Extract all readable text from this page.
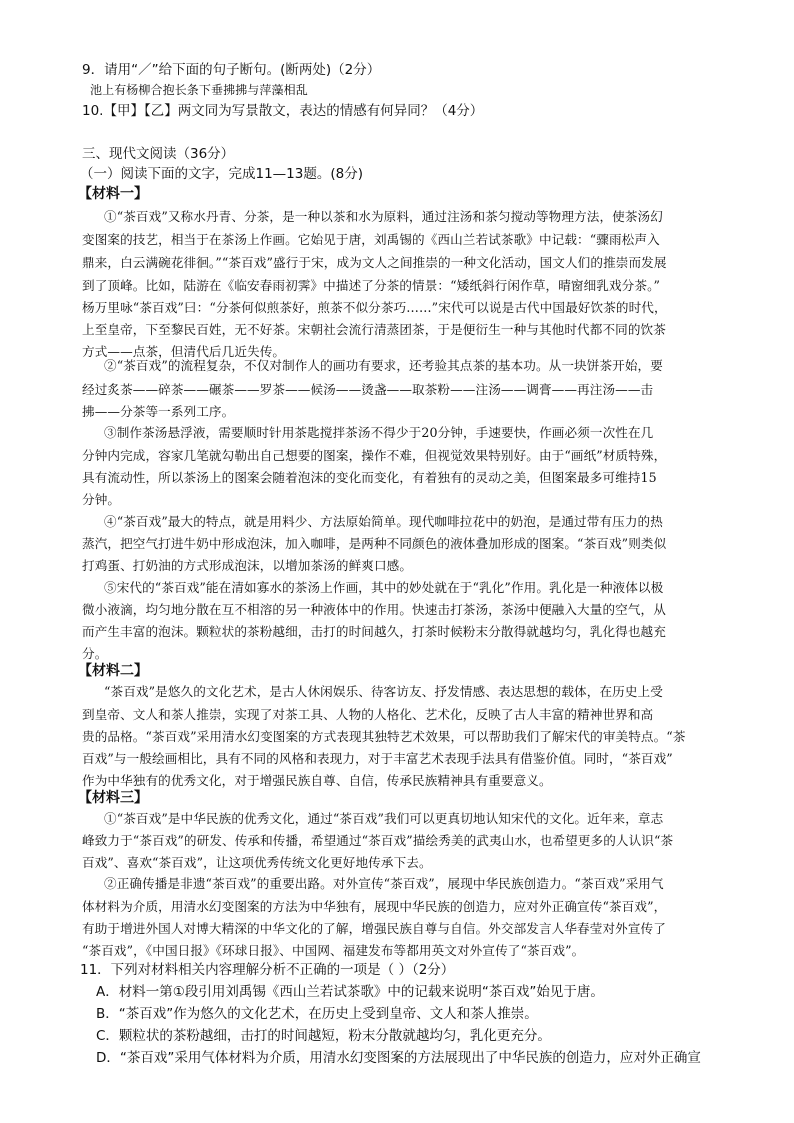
9．请用“／”给下面的句子断句。(断两处)（2分）
池上有杨柳合抱长条下垂拂拂与萍藻相乱
10.【甲】【乙】两文同为写景散文，表达的情感有何异同？（4分）
三、现代文阅读（36分）
（一）阅读下面的文字，完成11—13题。(8分)
【材料一】
①“茶百戏”又称水丹青、分茶，是一种以茶和水为原料，通过注汤和茶匀搅动等物理方法，使茶汤幻
变图案的技艺，相当于在茶汤上作画。它始见于唐，刘禹锡的《西山兰若试茶歌》中记载：“骤雨松声入
鼎来，白云满碗花徘徊。”“茶百戏”盛行于宋，成为文人之间推崇的一种文化活动，国文人们的推崇而发展
到了顶峰。比如，陆游在《临安春雨初霁》中描述了分茶的情景：“矮纸斜行闲作草，晴窗细乳戏分茶。”
杨万里咏“茶百戏”曰：“分茶何似煎茶好，煎茶不似分茶巧……”宋代可以说是古代中国最好饮茶的时代，
上至皇帝，下至黎民百姓，无不好茶。宋朝社会流行清蒸团茶，于是便衍生一种与其他时代都不同的饮茶
方式——点茶，但清代后几近失传。
②“茶百戏”的流程复杂，不仅对制作人的画功有要求，还考验其点茶的基本功。从一块饼茶开始，要
经过炙茶——碎茶——碾茶——罗茶——候汤——烫盏——取茶粉——注汤——调膏——再注汤——击
拂——分茶等一系列工序。
③制作茶汤悬浮液，需要顺时针用茶匙搅拌茶汤不得少于20分钟，手速要快，作画必须一次性在几
分钟内完成，容家几笔就勾勒出自己想要的图案，操作不难，但视觉效果特别好。由于“画纸”材质特殊，
具有流动性，所以茶汤上的图案会随着泡沫的变化而变化，有着独有的灵动之美，但图案最多可维持15
分钟。
④“茶百戏”最大的特点，就是用料少、方法原始简单。现代咖啡拉花中的奶泡，是通过带有压力的热
蒸汽，把空气打进牛奶中形成泡沫，加入咖啡，是两种不同颜色的液体叠加形成的图案。“茶百戏”则类似
打鸡蛋、打奶油的方式形成泡沫，以增加茶汤的鲜爽口感。
⑤宋代的“茶百戏”能在清如寡水的茶汤上作画，其中的妙处就在于“乳化”作用。乳化是一种液体以极
微小液滴，均匀地分散在互不相溶的另一种液体中的作用。快速击打茶汤，茶汤中便融入大量的空气，从
而产生丰富的泡沫。颗粒状的茶粉越细，击打的时间越久，打茶时候粉末分散得就越均匀，乳化得也越充
分。
【材料二】
“茶百戏”是悠久的文化艺术，是古人休闲娱乐、待客访友、抒发情感、表达思想的载体，在历史上受
到皇帝、文人和茶人推崇，实现了对茶工具、人物的人格化、艺术化，反映了古人丰富的精神世界和高
贵的品格。“茶百戏”采用清水幻变图案的方式表现其独特艺术效果，可以帮助我们了解宋代的审美特点。“茶
百戏”与一般绘画相比，具有不同的风格和表现力，对于丰富艺术表现手法具有借鉴价值。同时，“茶百戏”
作为中华独有的优秀文化，对于增强民族自尊、自信，传承民族精神具有重要意义。
【材料三】
①“茶百戏”是中华民族的优秀文化，通过“茶百戏”我们可以更真切地认知宋代的文化。近年来，章志
峰致力于“茶百戏”的研发、传承和传播，希望通过“茶百戏”描绘秀美的武夷山水，也希望更多的人认识“茶
百戏”、喜欢“茶百戏”，让这项优秀传统文化更好地传承下去。
②正确传播是非遗“茶百戏”的重要出路。对外宣传“茶百戏”，展现中华民族创造力。“茶百戏”采用气
体材料为介质，用清水幻变图案的方法为中华独有，展现中华民族的创造力，应对外正确宣传“茶百戏”，
有助于增进外国人对博大精深的中华文化的了解，增强民族自尊与自信。外交部发言人华春莹对外宣传了
“茶百戏”，《中国日报》《环球日报》、中国网、福建发布等都用英文对外宣传了“茶百戏”。
11．下列对材料相关内容理解分析不正确的一项是（ ）（2分）
A．材料一第①段引用刘禹锡《西山兰若试茶歌》中的记载来说明“茶百戏”始见于唐。
B．“茶百戏”作为悠久的文化艺术，在历史上受到皇帝、文人和茶人推崇。
C．颗粒状的茶粉越细，击打的时间越短，粉末分散就越均匀，乳化更充分。
D．“茶百戏”采用气体材料为介质，用清水幻变图案的方法展现出了中华民族的创造力，应对外正确宣
